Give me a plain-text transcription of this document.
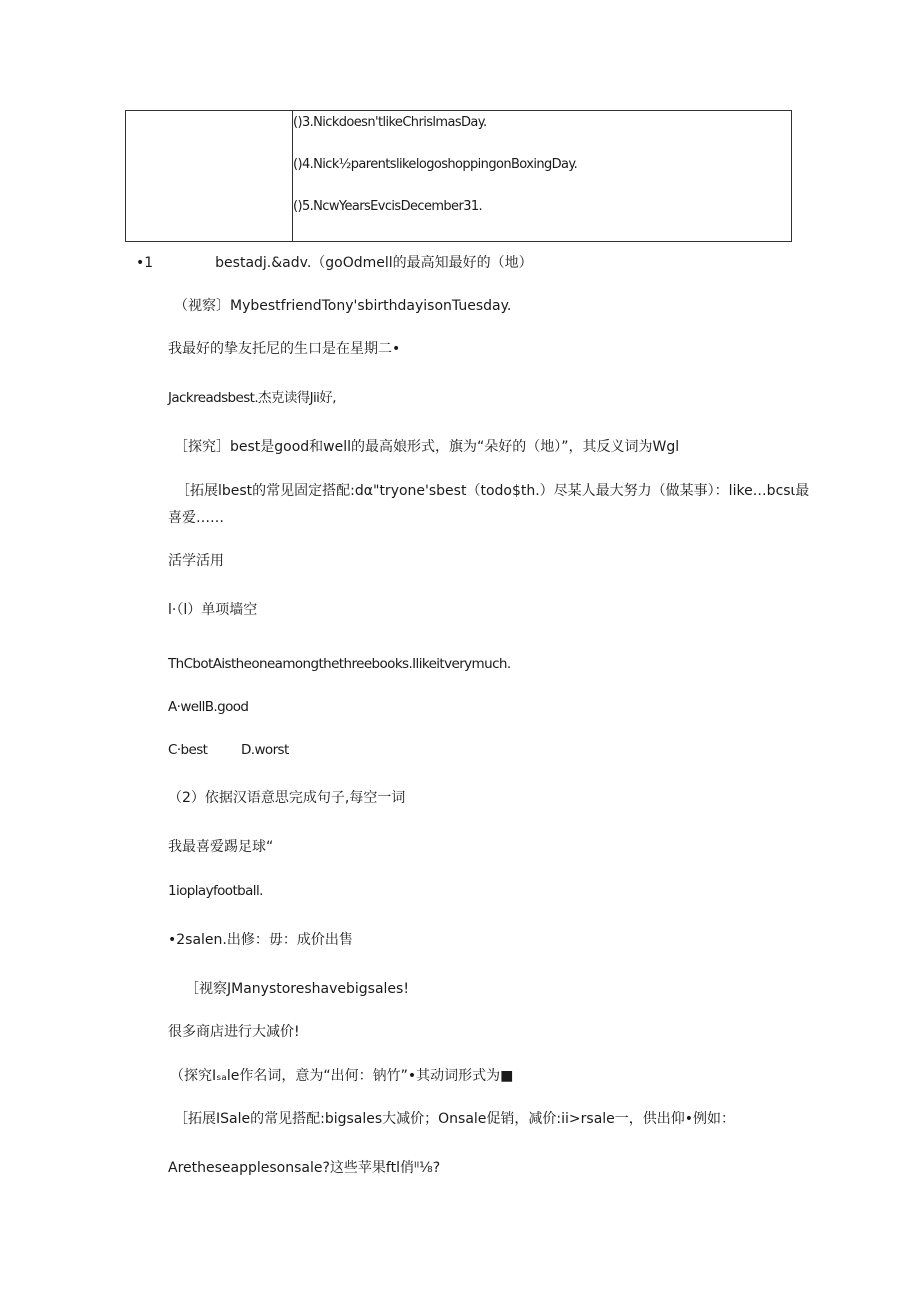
()3.Nickdoesn'tlikeChrislmasDay.
()4.Nick½parentslikelogoshoppingonBoxingDay.
()5.NcwYearsEvcisDecember31.
•1	bestadj.&adv.（goOdmell的最高知最好的（地）
（视察〕MybestfriendTony'sbirthdayisonTuesday.
我最好的挚友托尼的生口是在星期二•
Jackreadsbest.杰克读得Jii好,
［探究］best是good和well的最高娘形式，旗为“朵好的（地）”，其反义词为Wgl
［拓展lbest的常见固定搭配:dα"tryone'sbest（todo$th.）尽某人最大努力（做某事）：like…bcsι最
喜爱……
活学活用
l·（l）单项墙空
ThCbotAistheoneamongthethreebooks.Ilikeitverymuch.
A·wellB.good
C·best D.worst
（2）依据汉语意思完成句子,每空一词
我最喜爱踢足球“
1ioplayfootball.
•2salen.出修：毋：成价出售
［视察JManystoreshavebigsales!
很多商店进行大减价!
（探究Iₛₐle作名词，意为“出何：钠竹”•其动词形式为■
［拓展ISale的常见搭配:bigsales大减价；Onsale促销，减价:ii>rsale一，供出仰•例如：
Aretheseapplesonsale?这些苹果ftl俏ᴵᴵ⅛?
